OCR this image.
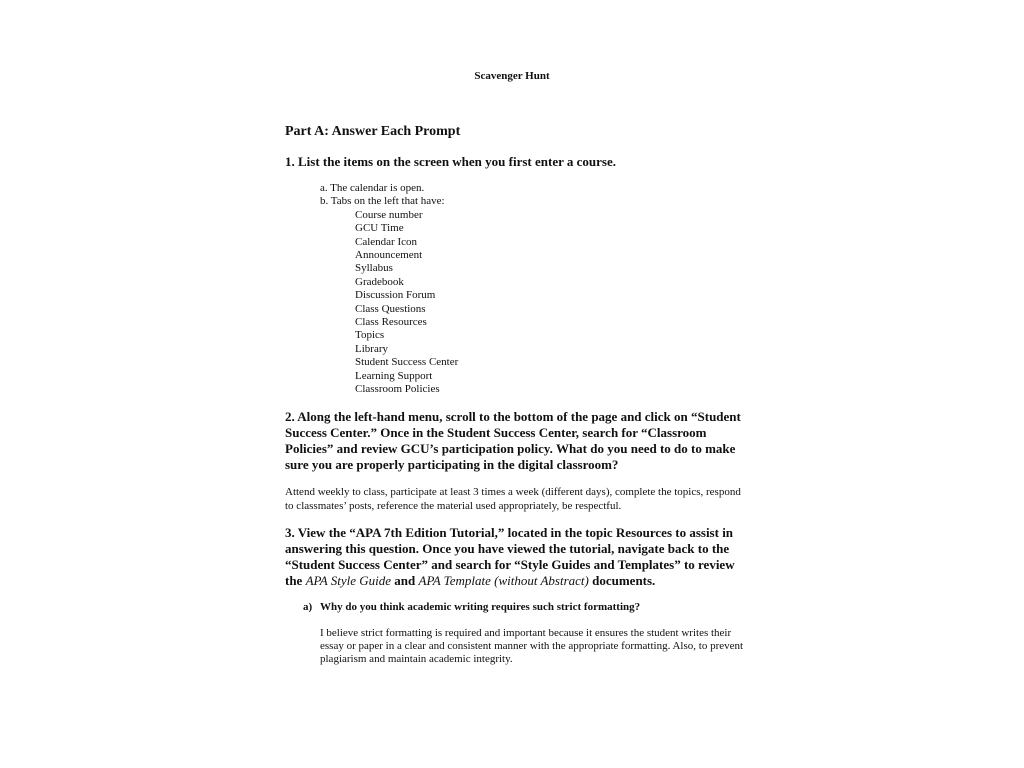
Scavenger Hunt
Part A: Answer Each Prompt

1. List the items on the screen when you first enter a course.

a. The calendar is open.
b. Tabs on the left that have:
Course number
GCU Time
Calendar Icon
Announcement
Syllabus
Gradebook
Discussion Forum
Class Questions
Class Resources
Topics
Library
Student Success Center
Learning Support
Classroom Policies

2. Along the left-hand menu, scroll to the bottom of the page and click on “Student Success Center.” Once in the Student Success Center, search for “Classroom Policies” and review GCU’s participation policy. What do you need to do to make sure you are properly participating in the digital classroom?

Attend weekly to class, participate at least 3 times a week (different days), complete the topics, respond to classmates’ posts, reference the material used appropriately, be respectful.

3. View the “APA 7th Edition Tutorial,” located in the topic Resources to assist in answering this question. Once you have viewed the tutorial, navigate back to the “Student Success Center” and search for “Style Guides and Templates” to review the APA Style Guide and APA Template (without Abstract) documents.

a) Why do you think academic writing requires such strict formatting?
I believe strict formatting is required and important because it ensures the student writes their essay or paper in a clear and consistent manner with the appropriate formatting. Also, to prevent plagiarism and maintain academic integrity.
